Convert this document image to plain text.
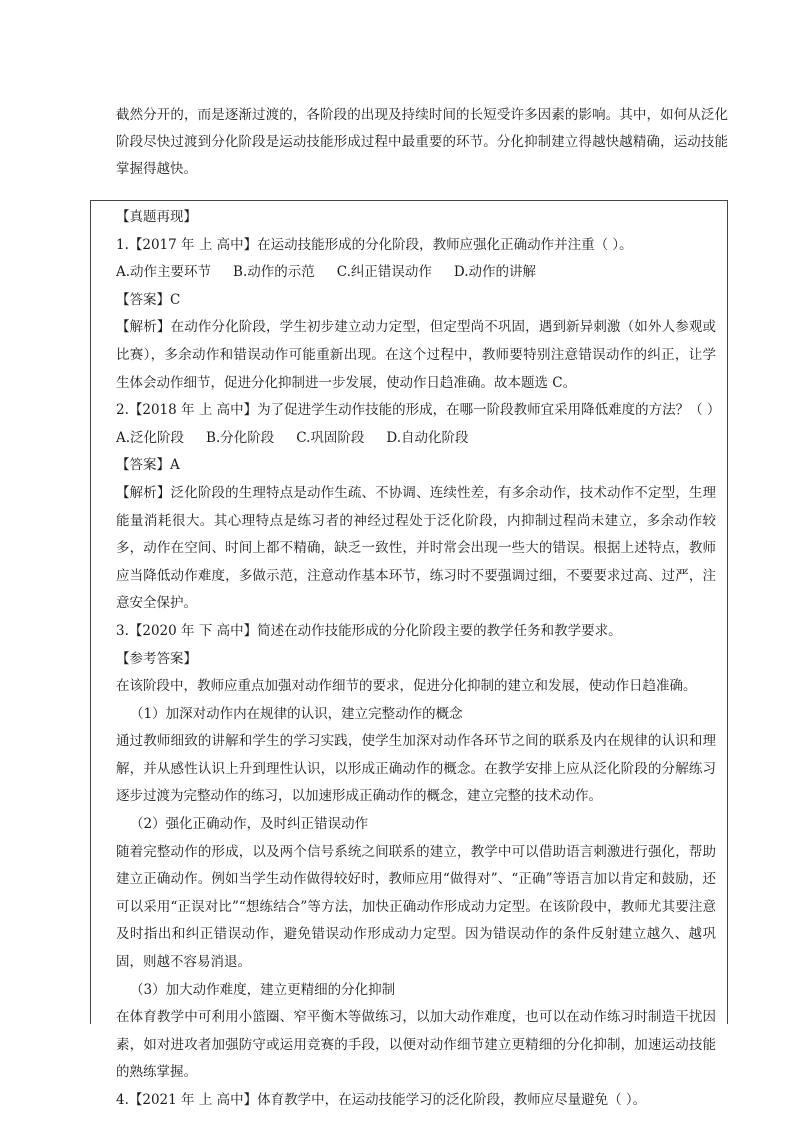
截然分开的，而是逐渐过渡的，各阶段的出现及持续时间的长短受许多因素的影响。其中，如何从泛化阶段尽快过渡到分化阶段是运动技能形成过程中最重要的环节。分化抑制建立得越快越精确，运动技能掌握得越快。

【真题再现】

1.【2017 年 上 高中】在运动技能形成的分化阶段，教师应强化正确动作并注重（ ）。

A.动作主要环节 B.动作的示范 C.纠正错误动作 D.动作的讲解

【答案】C

【解析】在动作分化阶段，学生初步建立动力定型，但定型尚不巩固，遇到新异刺激（如外人参观或比赛），多余动作和错误动作可能重新出现。在这个过程中，教师要特别注意错误动作的纠正，让学生体会动作细节，促进分化抑制进一步发展，使动作日趋准确。故本题选 C。

2.【2018 年 上 高中】为了促进学生动作技能的形成，在哪一阶段教师宜采用降低难度的方法？（ ）

A.泛化阶段 B.分化阶段 C.巩固阶段 D.自动化阶段

【答案】A

【解析】泛化阶段的生理特点是动作生疏、不协调、连续性差，有多余动作，技术动作不定型，生理能量消耗很大。其心理特点是练习者的神经过程处于泛化阶段，内抑制过程尚未建立，多余动作较多，动作在空间、时间上都不精确，缺乏一致性，并时常会出现一些大的错误。根据上述特点，教师应当降低动作难度，多做示范，注意动作基本环节，练习时不要强调过细，不要要求过高、过严，注意安全保护。

3.【2020 年 下 高中】简述在动作技能形成的分化阶段主要的教学任务和教学要求。

【参考答案】

在该阶段中，教师应重点加强对动作细节的要求，促进分化抑制的建立和发展，使动作日趋准确。

（1）加深对动作内在规律的认识，建立完整动作的概念

通过教师细致的讲解和学生的学习实践，使学生加深对动作各环节之间的联系及内在规律的认识和理解，并从感性认识上升到理性认识，以形成正确动作的概念。在教学安排上应从泛化阶段的分解练习逐步过渡为完整动作的练习，以加速形成正确动作的概念，建立完整的技术动作。

（2）强化正确动作，及时纠正错误动作

随着完整动作的形成，以及两个信号系统之间联系的建立，教学中可以借助语言刺激进行强化，帮助建立正确动作。例如当学生动作做得较好时，教师应用“做得对”、“正确”等语言加以肯定和鼓励，还可以采用“正误对比”“想练结合”等方法，加快正确动作形成动力定型。在该阶段中，教师尤其要注意及时指出和纠正错误动作，避免错误动作形成动力定型。因为错误动作的条件反射建立越久、越巩固，则越不容易消退。

（3）加大动作难度，建立更精细的分化抑制

在体育教学中可利用小篮圈、窄平衡木等做练习，以加大动作难度，也可以在动作练习时制造干扰因素，如对进攻者加强防守或运用竞赛的手段，以便对动作细节建立更精细的分化抑制，加速运动技能的熟练掌握。

4.【2021 年 上 高中】体育教学中，在运动技能学习的泛化阶段，教师应尽量避免（ ）。
